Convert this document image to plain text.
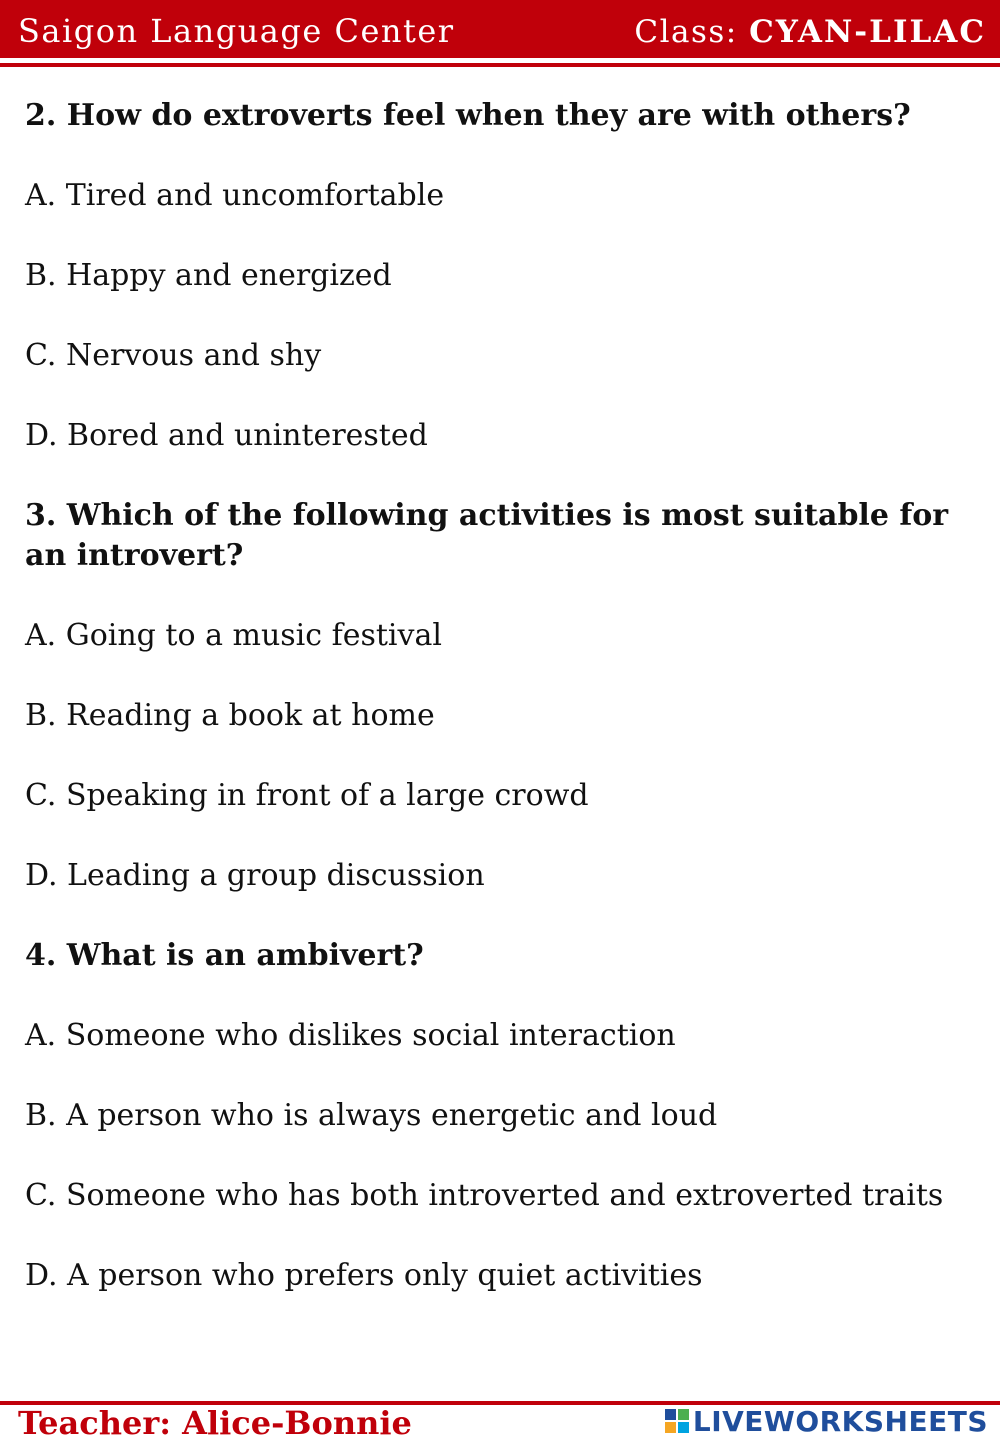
Saigon Language Center	Class: CYAN-LILAC
2. How do extroverts feel when they are with others?
A. Tired and uncomfortable
B. Happy and energized
C. Nervous and shy
D. Bored and uninterested
3. Which of the following activities is most suitable for an introvert?
A. Going to a music festival
B. Reading a book at home
C. Speaking in front of a large crowd
D. Leading a group discussion
4. What is an ambivert?
A. Someone who dislikes social interaction
B. A person who is always energetic and loud
C. Someone who has both introverted and extroverted traits
D. A person who prefers only quiet activities
Teacher: Alice-Bonnie	LIVEWORKSHEETS
